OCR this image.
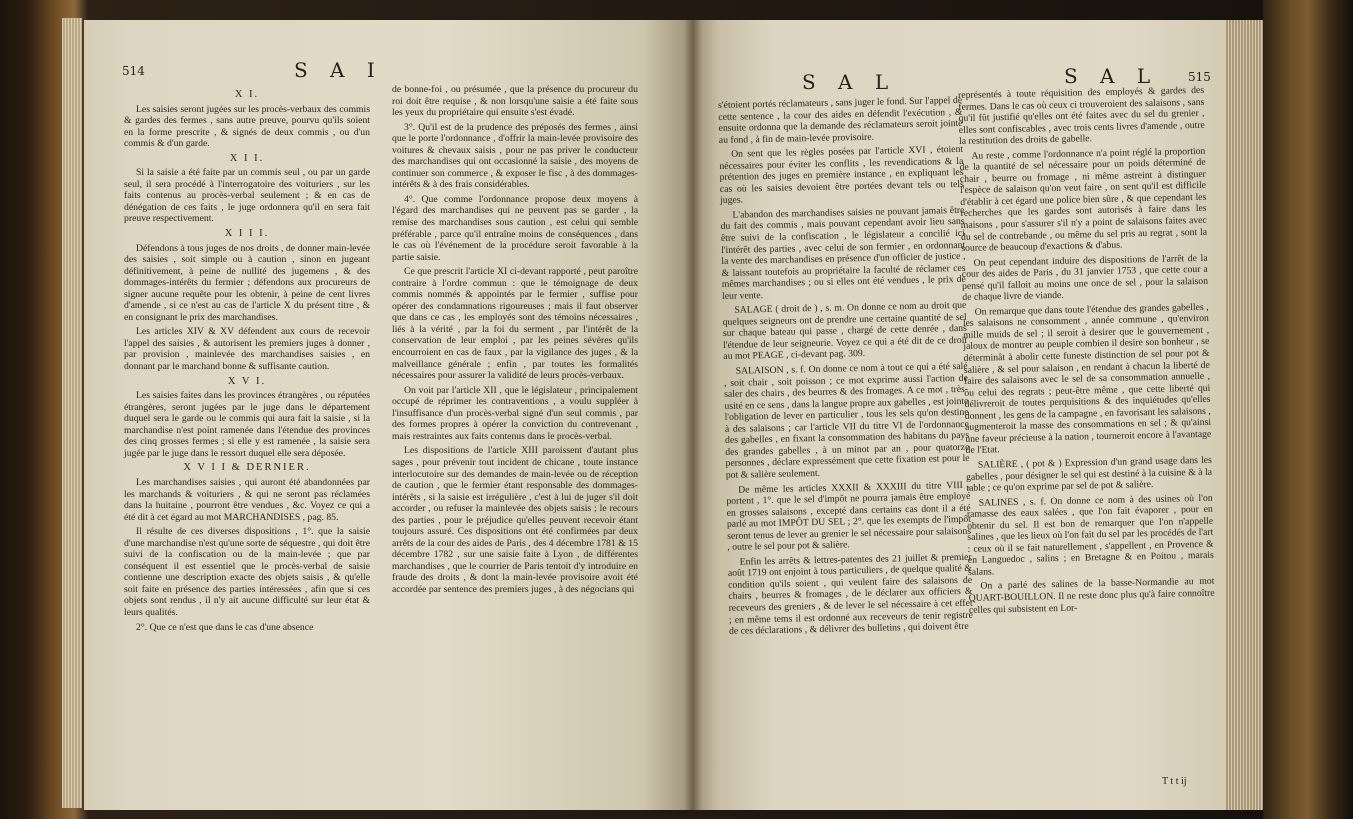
514	S A I
X I.

Les saisies seront jugées sur les procès-verbaux des commis & gardes des fermes , sans autre preuve, pourvu qu'ils soient en la forme prescrite , & signés de deux commis , ou d'un commis & d'un garde.

X I I.

Si la saisie a été faite par un commis seul , ou par un garde seul, il sera procédé à l'interrogatoire des voituriers , sur les faits contenus au procès-verbal seulement ; & en cas de dénégation de ces faits , le juge ordonnera qu'il en sera fait preuve respectivement.

X I I I.

Défendons à tous juges de nos droits , de donner main-levée des saisies , soit simple ou à caution , sinon en jugeant définitivement, à peine de nullité des jugemens , & des dommages-intérêts du fermier ; défendons aux procureurs de signer aucune requête pour les obtenir, à peine de cent livres d'amende , si ce n'est au cas de l'article X du présent titre , & en consignant le prix des marchandises.

Les articles XIV & XV défendent aux cours de recevoir l'appel des saisies , & autorisent les premiers juges à donner , par provision , mainlevée des marchandises saisies , en donnant par le marchand bonne & suffisante caution.

X V I.

Les saisies faites dans les provinces étrangères , ou réputées étrangères, seront jugées par le juge dans le département duquel sera le garde ou le commis qui aura fait la saisie , si la marchandise n'est point ramenée dans l'étendue des provinces des cinq grosses fermes ; si elle y est ramenée , la saisie sera jugée par le juge dans le ressort duquel elle sera déposée.

X V I I & DERNIER.

Les marchandises saisies , qui auront été abandonnées par les marchands & voituriers , & qui ne seront pas réclamées dans la huitaine , pourront être vendues , &c. Voyez ce qui a été dit à cet égard au mot MARCHANDISES , pag. 85.

Il résulte de ces diverses dispositions , 1°. que la saisie d'une marchandise n'est qu'une sorte de séquestre , qui doit être suivi de la confiscation ou de la main-levée ; que par conséquent il est essentiel que le procès-verbal de saisie contienne une description exacte des objets saisis , & qu'elle soit faite en présence des parties intéressées , afin que si ces objets sont rendus , il n'y ait aucune difficulté sur leur état & leurs qualités.

2°. Que ce n'est que dans le cas d'une absence

de bonne-foi , ou présumée , que la présence du procureur du roi doit être requise , & non lorsqu'une saisie a été faite sous les yeux du propriétaire qui ensuite s'est évadé.

3°. Qu'il est de la prudence des préposés des fermes , ainsi que le porte l'ordonnance , d'offrir la main-levée provisoire des voitures & chevaux saisis , pour ne pas priver le conducteur des marchandises qui ont occasionné la saisie , des moyens de continuer son commerce , & exposer le fisc , à des dommages-intérêts & à des frais considérables.

4°. Que comme l'ordonnance propose deux moyens à l'égard des marchandises qui ne peuvent pas se garder , la remise des marchandises sous caution , est celui qui semble préférable , parce qu'il entraîne moins de conséquences , dans le cas où l'événement de la procédure seroit favorable à la partie saisie.

Ce que prescrit l'article XI ci-devant rapporté , peut paroître contraire à l'ordre commun : que le témoignage de deux commis nommés & appointés par le fermier , suffise pour opérer des condamnations rigoureuses ; mais il faut observer que dans ce cas , les employés sont des témoins nécessaires , liés à la vérité , par la foi du serment , par l'intérêt de la conservation de leur emploi , par les peines sévères qu'ils encourroient en cas de faux , par la vigilance des juges , & la malveillance générale ; enfin , par toutes les formalités nécessaires pour assurer la validité de leurs procès-verbaux.

On voit par l'article XII , que le législateur , principalement occupé de réprimer les contraventions , a voulu suppléer à l'insuffisance d'un procès-verbal signé d'un seul commis , par des formes propres à opérer la conviction du contrevenant , mais restraintes aux faits contenus dans le procès-verbal.

Les dispositions de l'article XIII paroissent d'autant plus sages , pour prévenir tout incident de chicane , toute instance interlocutoire sur des demandes de main-levée ou de réception de caution , que le fermier étant responsable des dommages-intérêts , si la saisie est irrégulière , c'est à lui de juger s'il doit accorder , ou refuser la mainlevée des objets saisis ; le recours des parties , pour le préjudice qu'elles peuvent recevoir étant toujours assuré. Ces dispositions ont été confirmées par deux arrêts de la cour des aides de Paris , des 4 décembre 1781 & 15 décembre 1782 , sur une saisie faite à Lyon , de différentes marchandises , que le courrier de Paris tentoit d'y introduire en fraude des droits , & dont la main-levée provisoire avoit été accordée par sentence des premiers juges , à des négocians qui

S A L	S A L 515

s'étoient portés réclamateurs , sans juger le fond. Sur l'appel de cette sentence , la cour des aides en défendit l'exécution , & ensuite ordonna que la demande des réclamateurs seroit jointe au fond , à fin de main-levée provisoire.

On sent que les règles posées par l'article XVI , étoient nécessaires pour éviter les conflits , les revendications & la prétention des juges en première instance , en expliquant les cas où les saisies devoient être portées devant tels ou tels juges.

L'abandon des marchandises saisies ne pouvant jamais être du fait des commis , mais pouvant cependant avoir lieu sans être suivi de la confiscation , le législateur a concilié ici l'intérêt des parties , avec celui de son fermier , en ordonnant la vente des marchandises en présence d'un officier de justice , & laissant toutefois au propriétaire la faculté de réclamer ces mêmes marchandises ; ou si elles ont été vendues , le prix de leur vente.

SALAGE ( droit de ) , s. m. On donne ce nom au droit que quelques seigneurs ont de prendre une certaine quantité de sel sur chaque bateau qui passe , chargé de cette denrée , dans l'étendue de leur seigneurie. Voyez ce qui a été dit de ce droit au mot PEAGE , ci-devant pag. 309.

SALAISON , s. f. On donne ce nom à tout ce qui a été salé , soit chair , soit poisson ; ce mot exprime aussi l'action de saler des chairs , des beurres & des fromages. A ce mot , très-usité en ce sens , dans la langue propre aux gabelles , est jointe l'obligation de lever en particulier , tous les sels qu'on destine à des salaisons ; car l'article VII du titre VI de l'ordonnance des gabelles , en fixant la consommation des habitans du pays des grandes gabelles , à un minot par an , pour quatorze personnes , déclare expressément que cette fixation est pour le pot & salière seulement.

De même les articles XXXII & XXXIII du titre VIII , portent , 1°. que le sel d'impôt ne pourra jamais être employé en grosses salaisons , excepté dans certains cas dont il a été parlé au mot IMPÔT DU SEL ; 2°. que les exempts de l'impôt seront tenus de lever au grenier le sel nécessaire pour salaisons , outre le sel pour pot & salière.

Enfin les arrêts & lettres-patentes des 21 juillet & premier août 1719 ont enjoint à tous particuliers , de quelque qualité & condition qu'ils soient , qui veulent faire des salaisons de chairs , beurres & fromages , de le déclarer aux officiers & receveurs des greniers , & de lever le sel nécessaire à cet effet ; en même tems il est ordonné aux receveurs de tenir registre de ces déclarations , & délivrer des bulletins , qui doivent être

représentés à toute réquisition des employés & gardes des fermes. Dans le cas où ceux ci trouveroient des salaisons , sans qu'il fût justifié qu'elles ont été faites avec du sel du grenier , elles sont confiscables , avec trois cents livres d'amende , outre la restitution des droits de gabelle.

Au reste , comme l'ordonnance n'a point réglé la proportion de la quantité de sel nécessaire pour un poids déterminé de chair , beurre ou fromage , ni même astreint à distinguer l'espèce de salaison qu'on veut faire , on sent qu'il est difficile d'établir à cet égard une police bien sûre , & que cependant les recherches que les gardes sont autorisés à faire dans les maisons , pour s'assurer s'il n'y a point de salaisons faites avec du sel de contrebande , ou même du sel pris au regrat , sont la source de beaucoup d'exactions & d'abus.

On peut cependant induire des dispositions de l'arrêt de la cour des aides de Paris , du 31 janvier 1753 , que cette cour a pensé qu'il falloit au moins une once de sel , pour la salaison de chaque livre de viande.

On remarque que dans toute l'étendue des grandes gabelles , les salaisons ne consomment , année commune , qu'environ mille muids de sel ; il seroit à desirer que le gouvernement , jaloux de montrer au peuple combien il desire son bonheur , se déterminât à abolir cette funeste distinction de sel pour pot & salière , & sel pour salaison , en rendant à chacun la liberté de faire des salaisons avec le sel de sa consommation annuelle , ou celui des regrats ; peut-être même , que cette liberté qui délivreroit de toutes perquisitions & des inquiétudes qu'elles donnent , les gens de la campagne , en favorisant les salaisons , augmenteroit la masse des consommations en sel ; & qu'ainsi une faveur précieuse à la nation , tourneroit encore à l'avantage de l'Etat.

SALIÈRE , ( pot & ) Expression d'un grand usage dans les gabelles , pour désigner le sel qui est destiné à la cuisine & à la table ; ce qu'on exprime par sel de pot & salière.

SALINES , s. f. On donne ce nom à des usines où l'on ramasse des eaux salées , que l'on fait évaporer , pour en obtenir du sel. Il est bon de remarquer que l'on n'appelle salines , que les lieux où l'on fait du sel par les procédés de l'art : ceux où il se fait naturellement , s'appellent , en Provence & en Languedoc , salins ; en Bretagne & en Poitou , marais salans.

On a parlé des salines de la basse-Normandie au mot QUART-BOUILLON. Il ne reste donc plus qu'à faire connoître celles qui subsistent en Lor-

T t t ij
